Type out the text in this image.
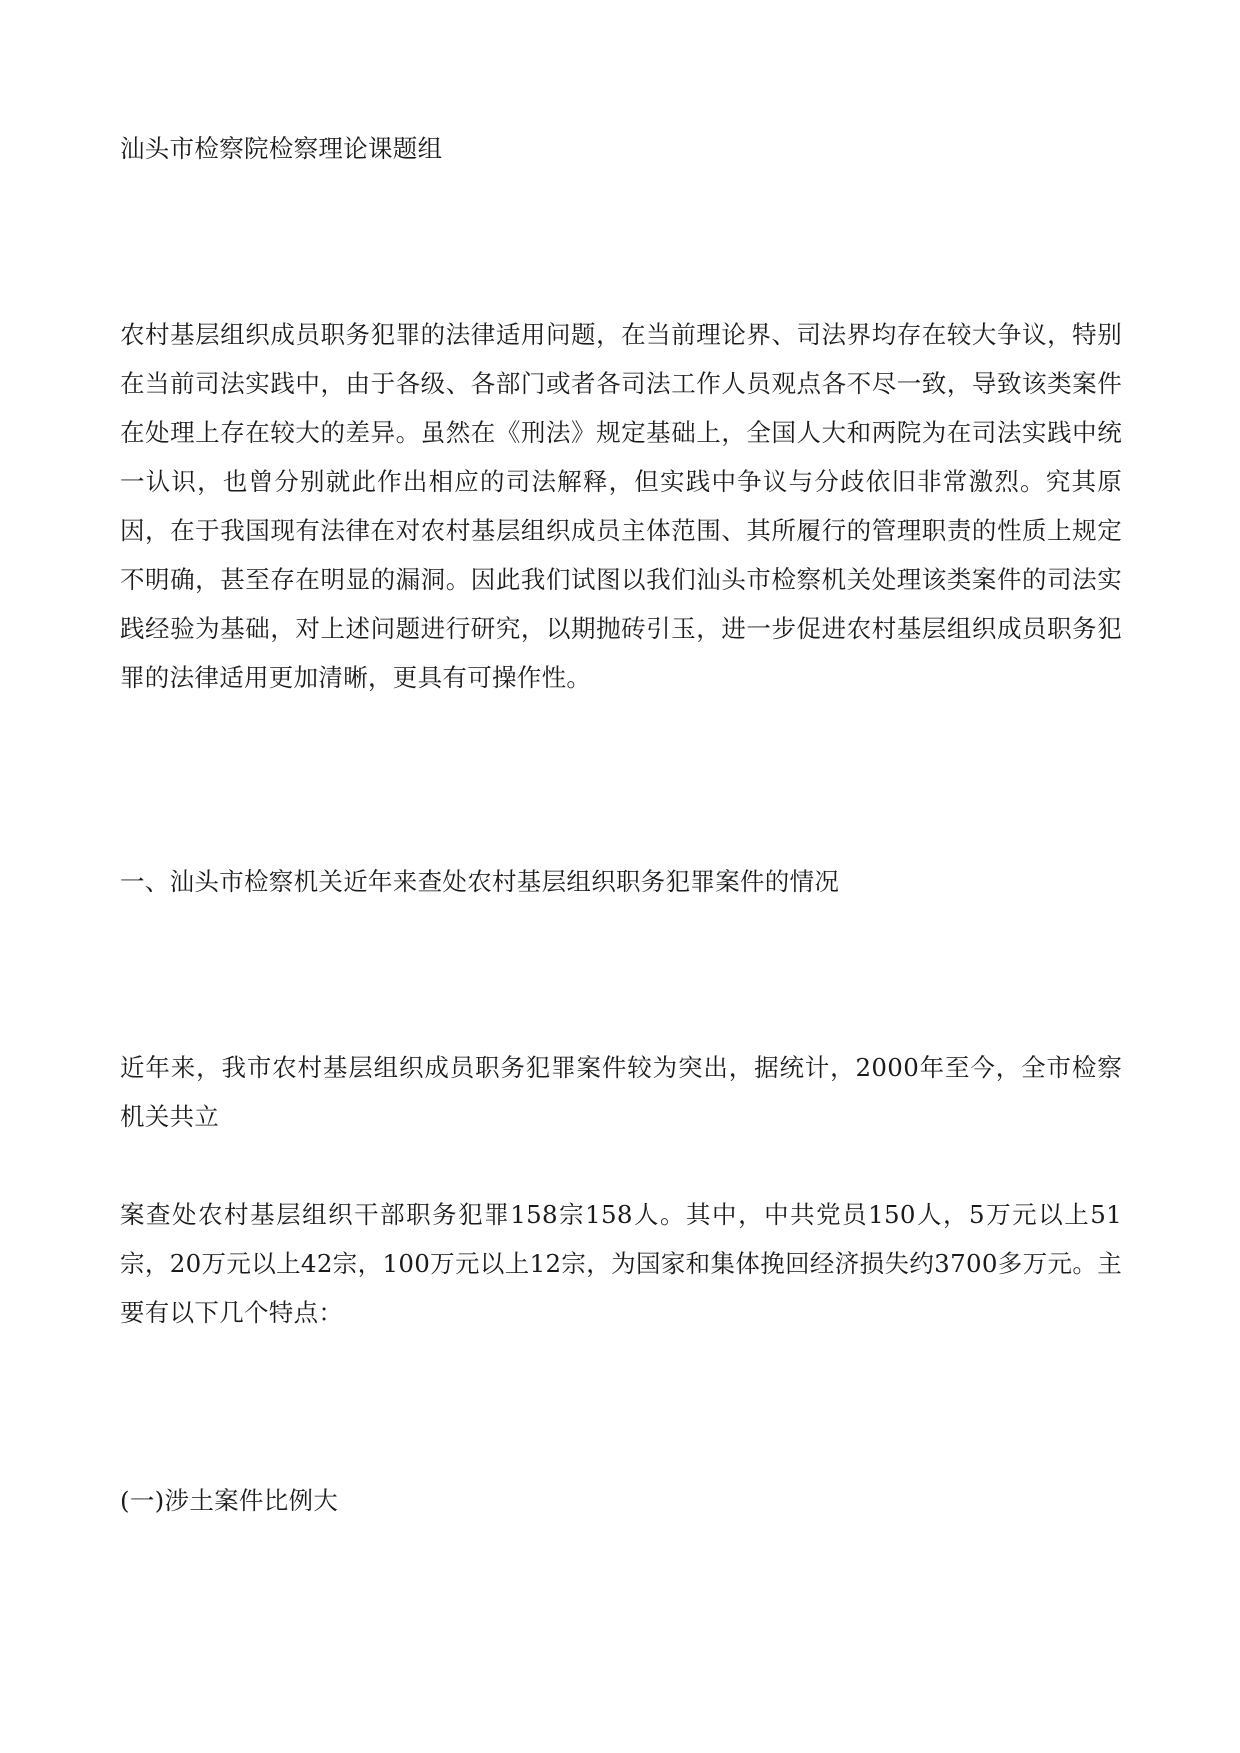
汕头市检察院检察理论课题组

农村基层组织成员职务犯罪的法律适用问题，在当前理论界、司法界均存在较大争议，特别在当前司法实践中，由于各级、各部门或者各司法工作人员观点各不尽一致，导致该类案件在处理上存在较大的差异。虽然在《刑法》规定基础上，全国人大和两院为在司法实践中统一认识，也曾分别就此作出相应的司法解释，但实践中争议与分歧依旧非常激烈。究其原因，在于我国现有法律在对农村基层组织成员主体范围、其所履行的管理职责的性质上规定不明确，甚至存在明显的漏洞。因此我们试图以我们汕头市检察机关处理该类案件的司法实践经验为基础，对上述问题进行研究，以期抛砖引玉，进一步促进农村基层组织成员职务犯罪的法律适用更加清晰，更具有可操作性。

一、汕头市检察机关近年来查处农村基层组织职务犯罪案件的情况

近年来，我市农村基层组织成员职务犯罪案件较为突出，据统计，2000年至今，全市检察机关共立

案查处农村基层组织干部职务犯罪158宗158人。其中，中共党员150人，5万元以上51宗，20万元以上42宗，100万元以上12宗，为国家和集体挽回经济损失约3700多万元。主要有以下几个特点：

(一)涉土案件比例大
